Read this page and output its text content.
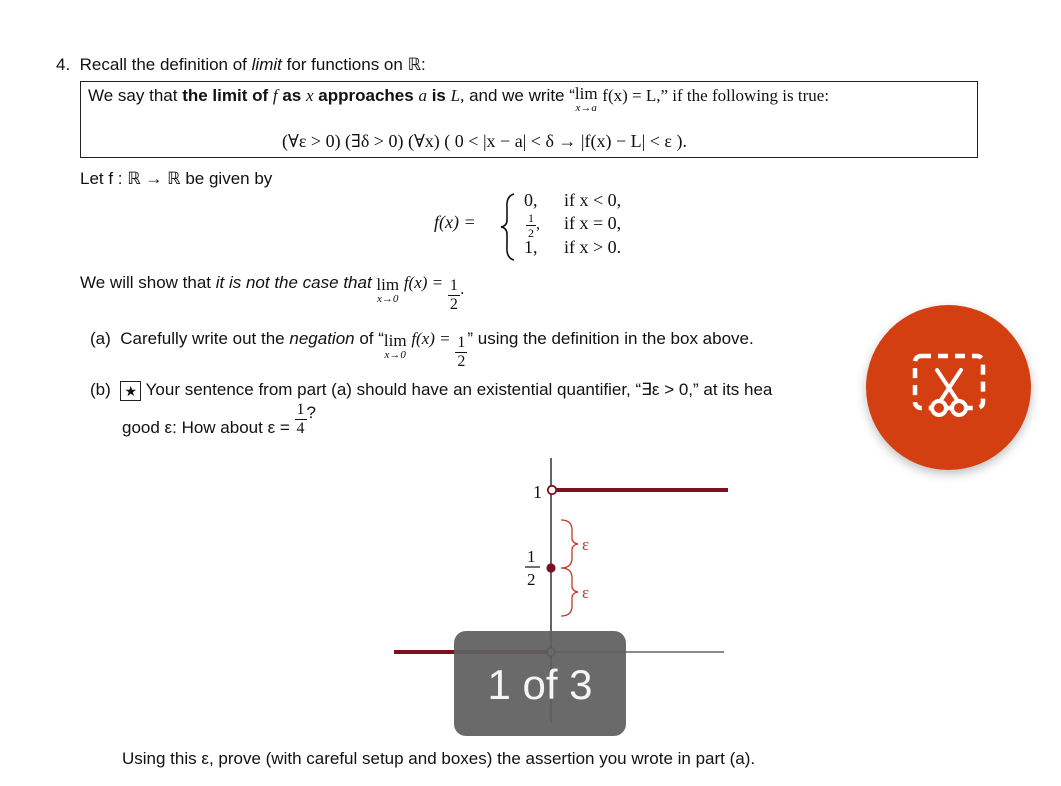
4. Recall the definition of limit for functions on ℝ:
We say that the limit of f as x approaches a is L, and we write “lim
x→a
f(x) = L,” if the following is true:
(∀ε > 0) (∃δ > 0) (∀x) ( 0 < |x − a| < δ → |f(x) − L| < ε ).
Let f : ℝ → ℝ be given by
f(x) =
0,
$\frac{1}{2}$ ,
1,
if x < 0,
if x = 0,
if x > 0.
We will show that it is not the case that lim
x→0
$f(x) = \frac{1}{2}$ .
(a) Carefully write out the negation of “lim
x→0
$f(x) = \frac{1}{2}$ ” using the definition in the box above.
(b) ★ Your sentence from part (a) should have an existential quantifier, “∃ε > 0,” at its hea
good ε: How about $\varepsilon = \frac{1}{4}$ ?
ε
ε
1
1
2
Using this ε, prove (with careful setup and boxes) the assertion you wrote in part (a).
1 of 3
